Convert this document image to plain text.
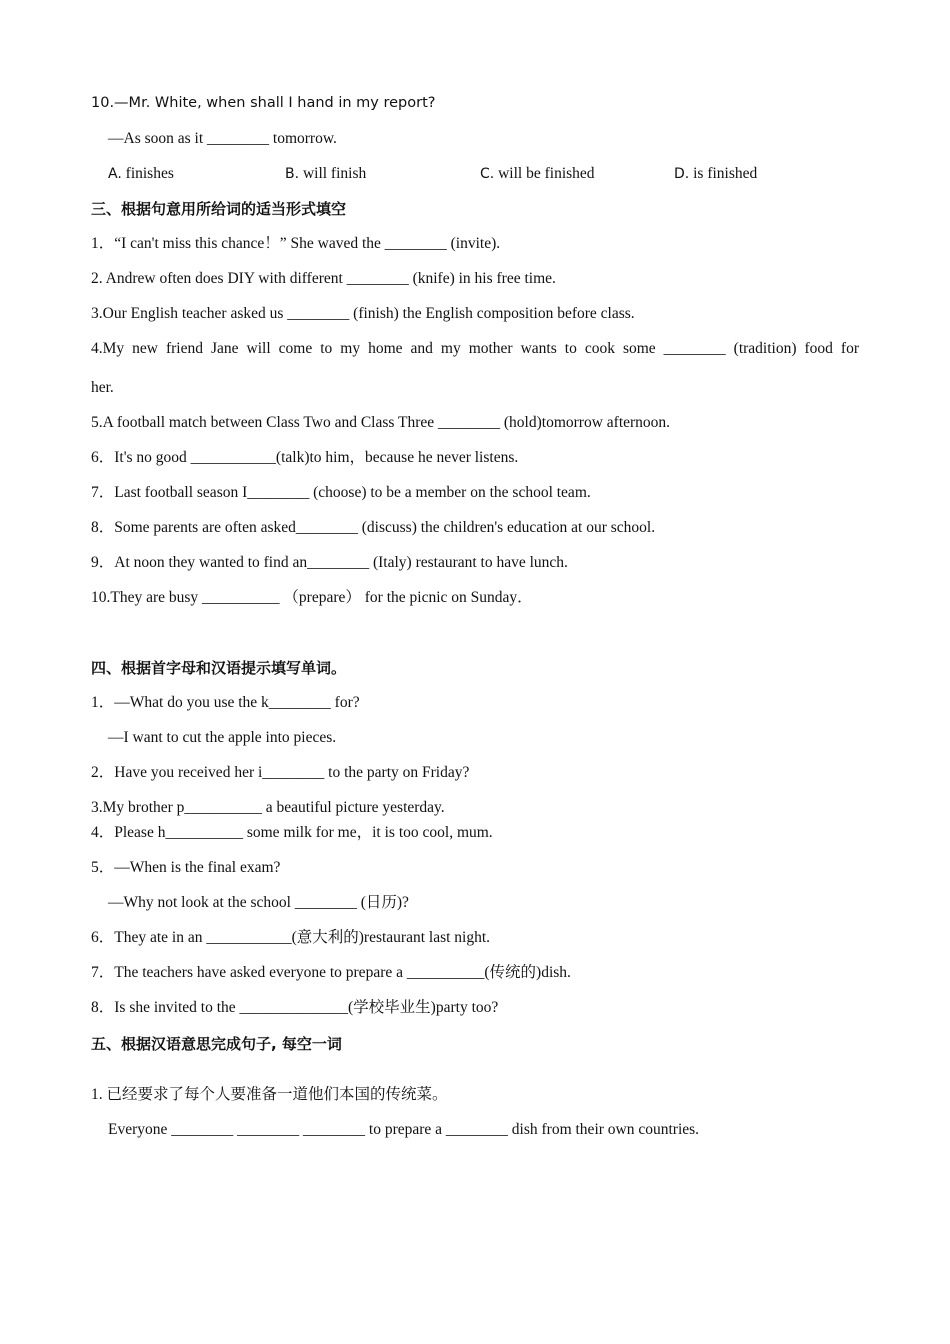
10.—Mr. White, when shall I hand in my report?
—As soon as it ________ tomorrow.
A. finishes	B. will finish	C. will be finished	D. is finished
三、根据句意用所给词的适当形式填空
1．“I can't miss this chance！” She waved the ________ (invite).
2. Andrew often does DIY with different ________ (knife) in his free time.
3.Our English teacher asked us ________ (finish) the English composition before class.
4.My new friend Jane will come to my home and my mother wants to cook some ________ (tradition) food for
her.
5.A football match between Class Two and Class Three ________ (hold)tomorrow afternoon.
6．It's no good ___________(talk)to him，because he never listens.
7．Last football season I________ (choose) to be a member on the school team.
8．Some parents are often asked________ (discuss) the children's education at our school.
9．At noon they wanted to find an________ (Italy) restaurant to have lunch.
10.They are busy __________ （prepare） for the picnic on Sunday．
四、根据首字母和汉语提示填写单词。
1．—What do you use the k________ for?
—I want to cut the apple into pieces.
2．Have you received her i________ to the party on Friday?
3.My brother p__________ a beautiful picture yesterday.
4．Please h__________ some milk for me，it is too cool, mum.
5．—When is the final exam?
—Why not look at the school ________ (日历)?
6．They ate in an ___________(意大利的)restaurant last night.
7．The teachers have asked everyone to prepare a __________(传统的)dish.
8．Is she invited to the ______________(学校毕业生)party too?
五、根据汉语意思完成句子, 每空一词
1. 已经要求了每个人要准备一道他们本国的传统菜。
Everyone ________ ________ ________ to prepare a ________ dish from their own countries.
